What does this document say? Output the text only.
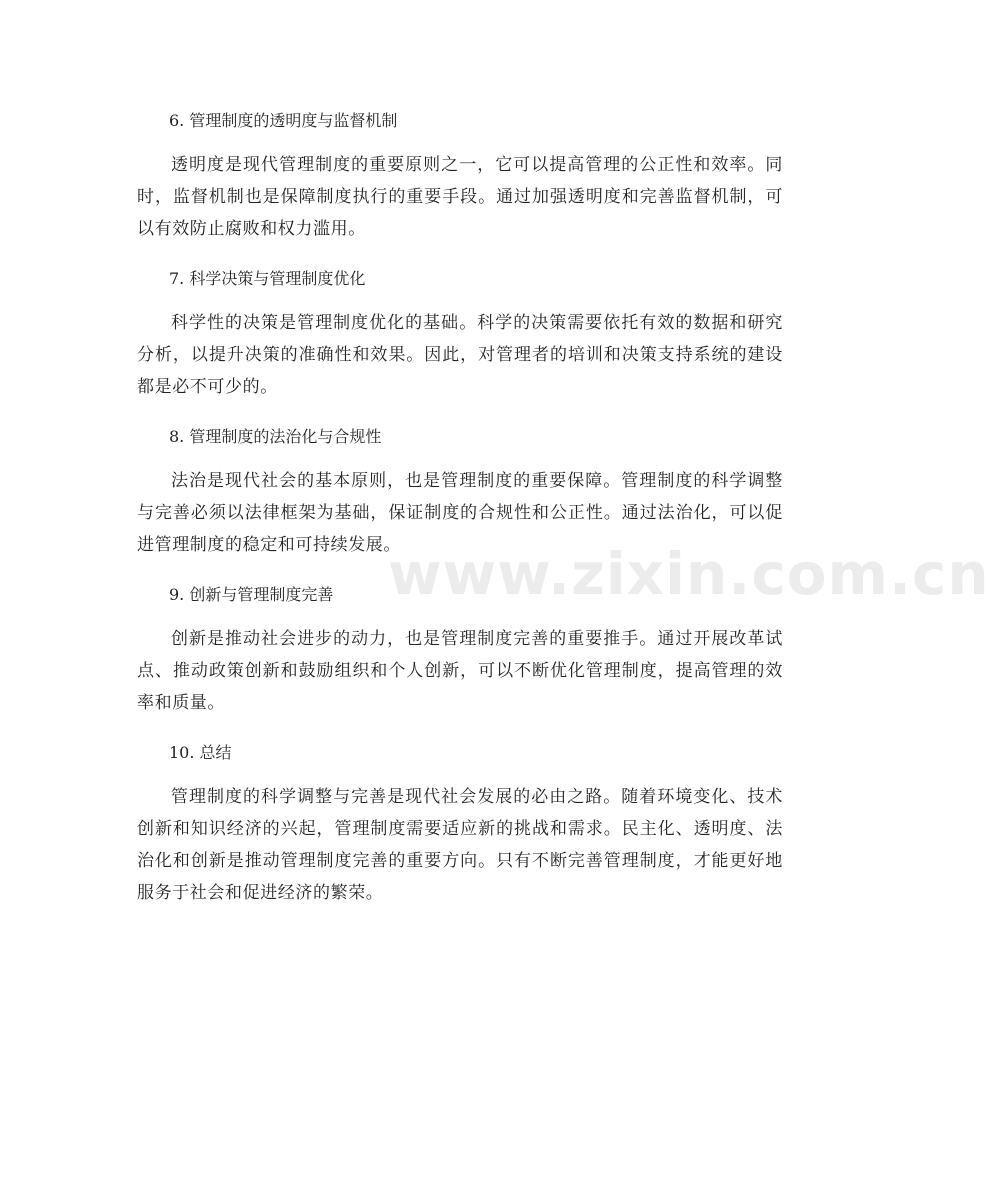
6. 管理制度的透明度与监督机制

透明度是现代管理制度的重要原则之一，它可以提高管理的公正性和效率。同时，监督机制也是保障制度执行的重要手段。通过加强透明度和完善监督机制，可以有效防止腐败和权力滥用。

7. 科学决策与管理制度优化

科学性的决策是管理制度优化的基础。科学的决策需要依托有效的数据和研究分析，以提升决策的准确性和效果。因此，对管理者的培训和决策支持系统的建设都是必不可少的。

8. 管理制度的法治化与合规性

法治是现代社会的基本原则，也是管理制度的重要保障。管理制度的科学调整与完善必须以法律框架为基础，保证制度的合规性和公正性。通过法治化，可以促进管理制度的稳定和可持续发展。

9. 创新与管理制度完善

创新是推动社会进步的动力，也是管理制度完善的重要推手。通过开展改革试点、推动政策创新和鼓励组织和个人创新，可以不断优化管理制度，提高管理的效率和质量。

10. 总结

管理制度的科学调整与完善是现代社会发展的必由之路。随着环境变化、技术创新和知识经济的兴起，管理制度需要适应新的挑战和需求。民主化、透明度、法治化和创新是推动管理制度完善的重要方向。只有不断完善管理制度，才能更好地服务于社会和促进经济的繁荣。

www.zixin.com.cn
